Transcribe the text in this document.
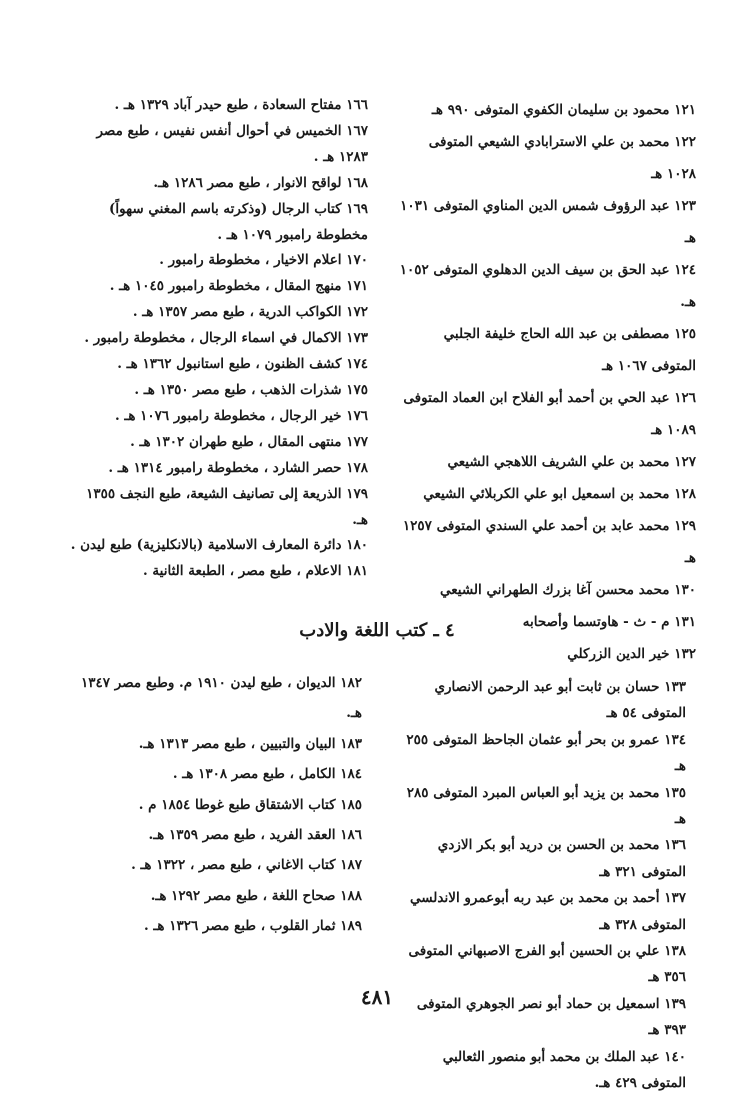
١٢١ محمود بن سليمان الكفوي المتوفى ٩٩٠ هـ
١٢٢ محمد بن علي الاسترابادي الشيعي المتوفى ١٠٢٨ هـ
١٢٣ عبد الرؤوف شمس الدين المناوي المتوفى ١٠٣١ هـ
١٢٤ عبد الحق بن سيف الدين الدهلوي المتوفى ١٠٥٢ هـ.
١٢٥ مصطفى بن عبد الله الحاج خليفة الجلبي المتوفى ١٠٦٧ هـ
١٢٦ عبد الحي بن أحمد أبو الفلاح ابن العماد المتوفى ١٠٨٩ هـ
١٢٧ محمد بن علي الشريف اللاهجي الشيعي
١٢٨ محمد بن اسمعيل ابو علي الكربلائي الشيعي
١٢٩ محمد عابد بن أحمد علي السندي المتوفى ١٢٥٧ هـ
١٣٠ محمد محسن آغا بزرك الطهراني الشيعي
١٣١ م - ث - هاوتسما وأصحابه
١٣٢ خير الدين الزركلي
١٦٦ مفتاح السعادة ، طبع حيدر آباد ١٣٢٩ هـ .
١٦٧ الخميس في أحوال أنفس نفيس ، طبع مصر ١٢٨٣ هـ .
١٦٨ لواقح الانوار ، طبع مصر ١٢٨٦ هـ.
١٦٩ كتاب الرجال (وذكرته باسم المغني سهواً) مخطوطة رامبور ١٠٧٩ هـ .
١٧٠ اعلام الاخيار ، مخطوطة رامبور .
١٧١ منهج المقال ، مخطوطة رامبور ١٠٤٥ هـ .
١٧٢ الكواكب الدرية ، طبع مصر ١٣٥٧ هـ .
١٧٣ الاكمال في اسماء الرجال ، مخطوطة رامبور .
١٧٤ كشف الظنون ، طبع استانبول ١٣٦٢ هـ .
١٧٥ شذرات الذهب ، طبع مصر ١٣٥٠ هـ .
١٧٦ خير الرجال ، مخطوطة رامبور ١٠٧٦ هـ .
١٧٧ منتهى المقال ، طبع طهران ١٣٠٢ هـ .
١٧٨ حصر الشارد ، مخطوطة رامبور ١٣١٤ هـ .
١٧٩ الذريعة إلى تصانيف الشيعة، طبع النجف ١٣٥٥ هـ.
١٨٠ دائرة المعارف الاسلامية (بالانكليزية) طبع ليدن .
١٨١ الاعلام ، طبع مصر ، الطبعة الثانية .
٤ ـ كتب اللغة والادب
١٣٣ حسان بن ثابت أبو عبد الرحمن الانصاري المتوفى ٥٤ هـ
١٣٤ عمرو بن بحر أبو عثمان الجاحظ المتوفى ٢٥٥ هـ
١٣٥ محمد بن يزيد أبو العباس المبرد المتوفى ٢٨٥ هـ
١٣٦ محمد بن الحسن بن دريد أبو بكر الازدي المتوفى ٣٢١ هـ
١٣٧ أحمد بن محمد بن عبد ربه أبوعمرو الاندلسي المتوفى ٣٢٨ هـ
١٣٨ علي بن الحسين أبو الفرج الاصبهاني المتوفى ٣٥٦ هـ
١٣٩ اسمعيل بن حماد أبو نصر الجوهري المتوفى ٣٩٣ هـ
١٤٠ عبد الملك بن محمد أبو منصور الثعالبي المتوفى ٤٢٩ هـ.
١٨٢ الديوان ، طبع ليدن ١٩١٠ م. وطبع مصر ١٣٤٧ هـ.
١٨٣ البيان والتبيين ، طبع مصر ١٣١٣ هـ.
١٨٤ الكامل ، طبع مصر ١٣٠٨ هـ .
١٨٥ كتاب الاشتقاق طبع غوطا ١٨٥٤ م .
١٨٦ العقد الفريد ، طبع مصر ١٣٥٩ هـ.
١٨٧ كتاب الاغاني ، طبع مصر ، ١٣٢٢ هـ .
١٨٨ صحاح اللغة ، طبع مصر ١٢٩٢ هـ.
١٨٩ ثمار القلوب ، طبع مصر ١٣٢٦ هـ .
٤٨١
